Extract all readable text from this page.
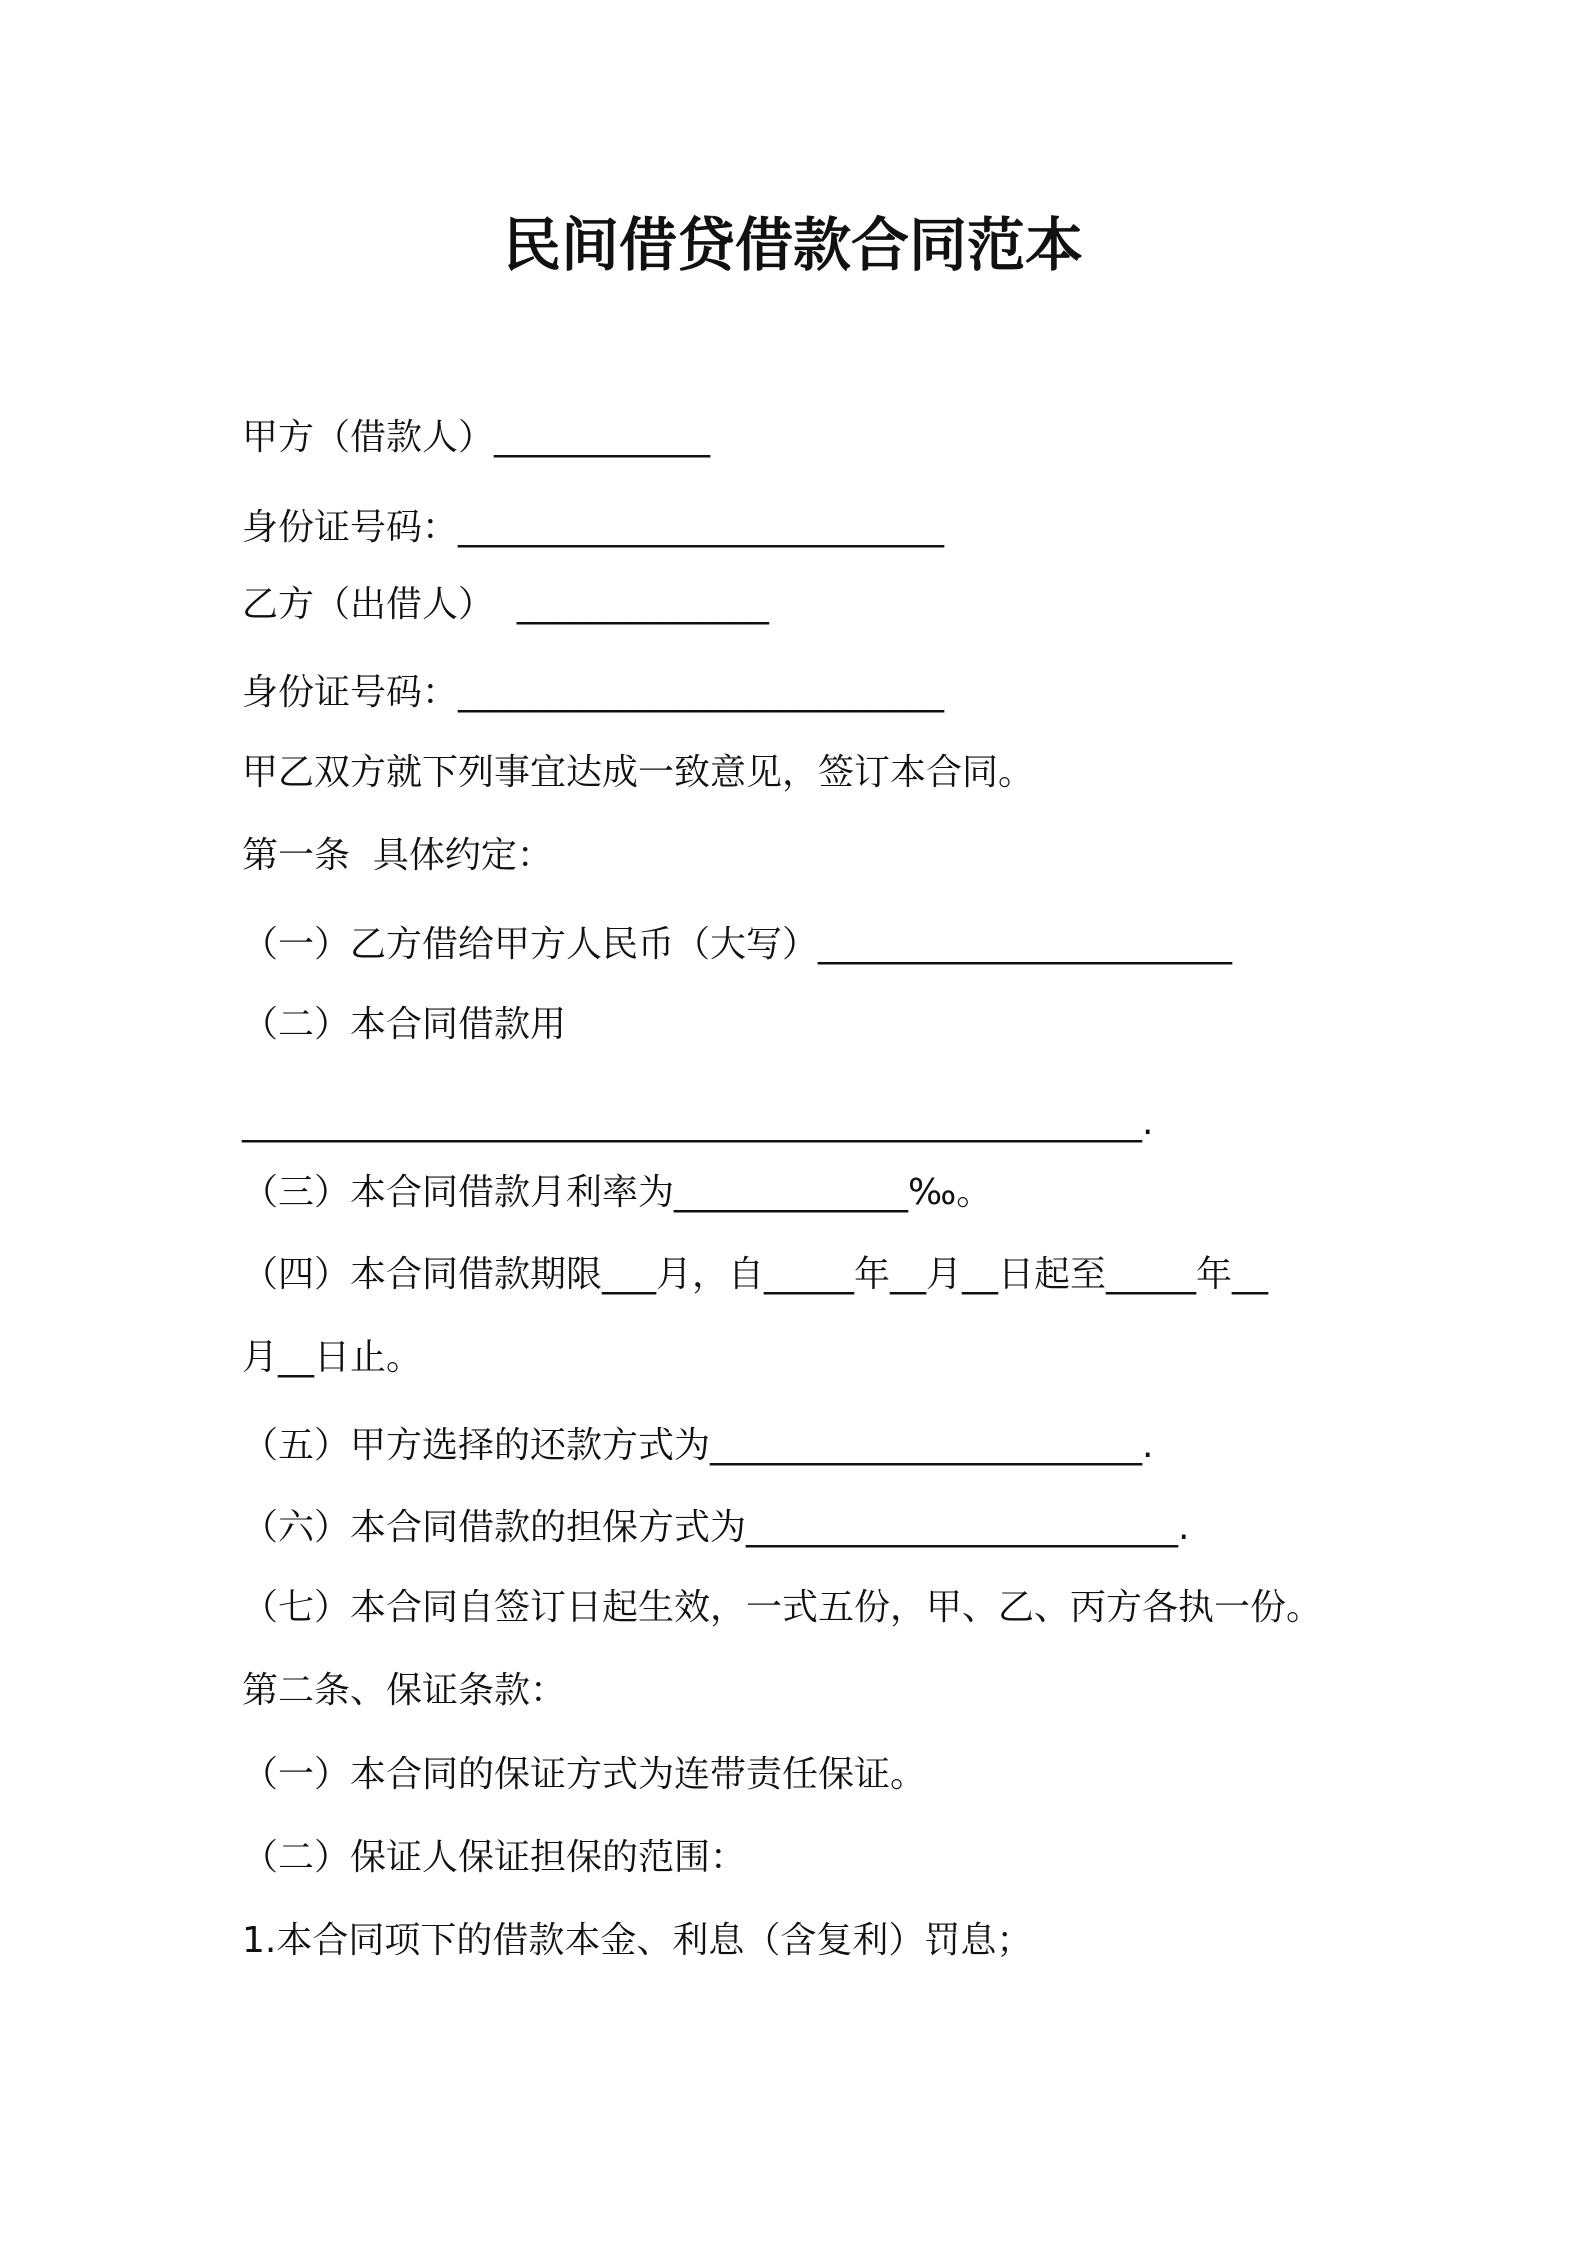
民间借贷借款合同范本

甲方（借款人）____________

身份证号码：___________________________

乙方（出借人）  ______________

身份证号码：___________________________

甲乙双方就下列事宜达成一致意见，签订本合同。

第一条  具体约定：

（一）乙方借给甲方人民币（大写）_______________________

（二）本合同借款用

__________________________________________________.

（三）本合同借款月利率为_____________‰。

（四）本合同借款期限___月，自_____年__月__日起至_____年__

月__日止。

（五）甲方选择的还款方式为________________________.

（六）本合同借款的担保方式为________________________.

（七）本合同自签订日起生效，一式五份，甲、乙、丙方各执一份。

第二条、保证条款：

（一）本合同的保证方式为连带责任保证。

（二）保证人保证担保的范围：

1.本合同项下的借款本金、利息（含复利）罚息；
